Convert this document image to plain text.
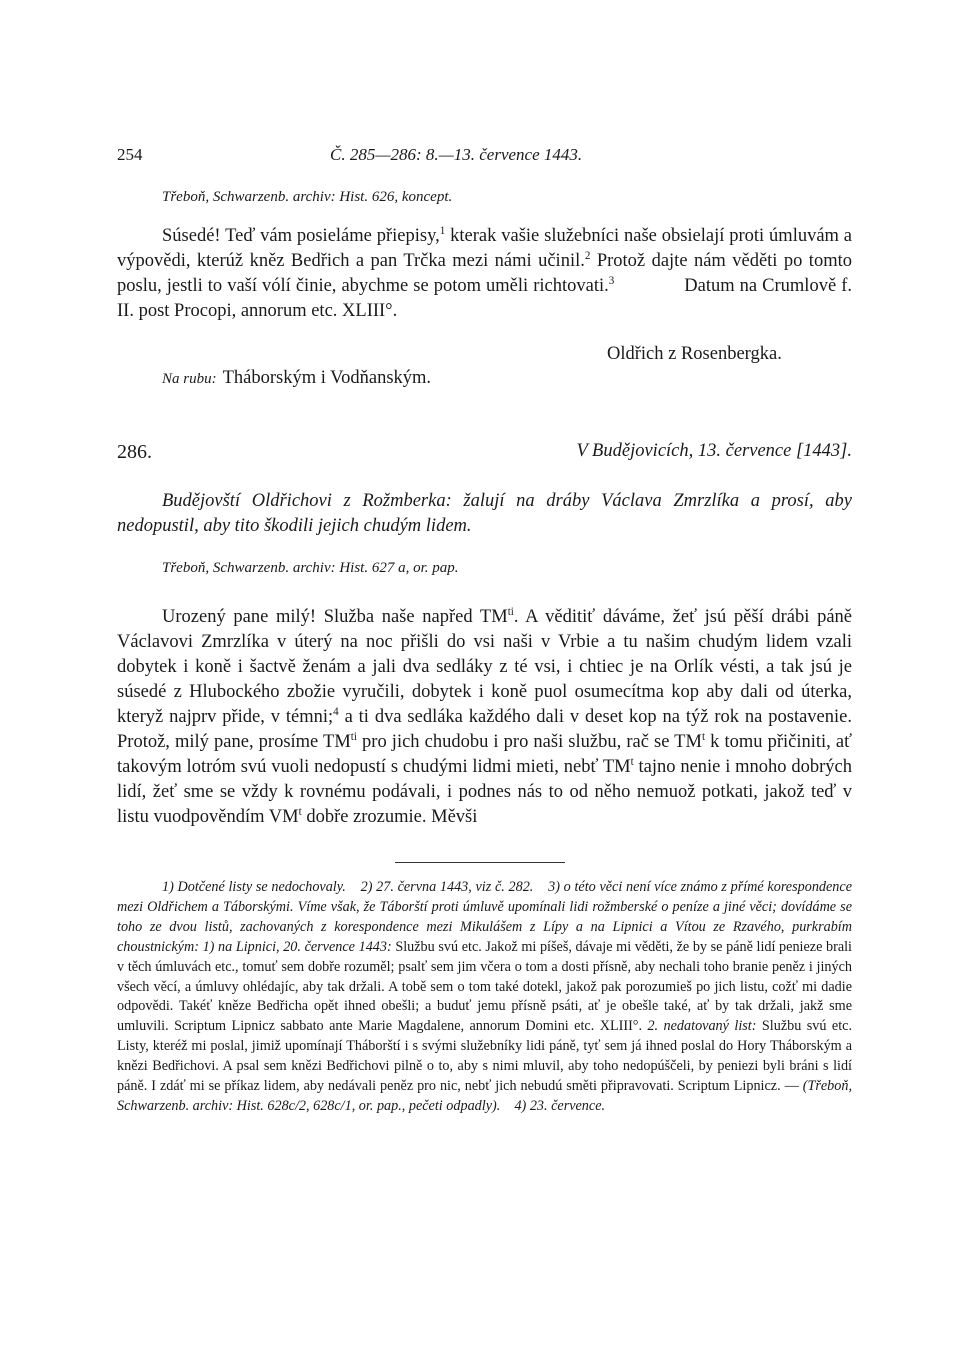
254	Č. 285—286: 8.—13. července 1443.
Třeboň, Schwarzenb. archiv: Hist. 626, koncept.

Súsedé! Teď vám posieláme přiepisy,$^1$ kterak vašie služebníci naše obsielají proti úmluvám a výpovědi, kterúž kněz Bedřich a pan Trčka mezi námi učinil.$^2$ Protož dajte nám věděti po tomto poslu, jestli to vaší vólí činie, abychme se potom uměli richtovati.$^3$	Datum na Crumlově f. II. post Procopi, annorum etc. XLIII°.

Oldřich z Rosenbergka.
Na rubu: Tháborským i Vodňanským.
286.	V Budějovicích, 13. července [1443].

Budějovští Oldřichovi z Rožmberka: žalují na dráby Václava Zmrzlíka a prosí, aby nedopustil, aby tito škodili jejich chudým lidem.

Třeboň, Schwarzenb. archiv: Hist. 627 a, or. pap.

Urozený pane milý! Služba naše napřed $TM^{ti}$. A věditiť dáváme, žeť jsú pěší drábi páně Václavovi Zmrzlíka v úterý na noc přišli do vsi naši v Vrbie a tu našim chudým lidem vzali dobytek i koně i šactvě ženám a jali dva sedláky z té vsi, i chtiec je na Orlík vésti, a tak jsú je súsedé z Hlubockého zbožie vyručili, dobytek i koně puol osumecítma kop aby dali od úterka, kteryž najprv přide, v témni;$^4$ a ti dva sedláka každého dali v deset kop na týž rok na postavenie. Protož, milý pane, prosíme $TM^{ti}$ pro jich chudobu i pro naši službu, rač se $TM^t$ k tomu přičiniti, ať takovým lotróm svú vuoli nedopustí s chudými lidmi mieti, nebť $TM^t$ tajno nenie i mnoho dobrých lidí, žeť sme se vždy k rovnému podávali, i podnes nás to od něho nemuož potkati, jakož teď v listu vuodpověndím $VM^t$ dobře zrozumie. Měvši

1) Dotčené listy se nedochovaly. 2) 27. června 1443, viz č. 282. 3) o této věci není více známo z přímé korespondence mezi Oldřichem a Táborskými. Víme však, že Táborští proti úmluvě upomínali lidi rožmberské o peníze a jiné věci; dovídáme se toho ze dvou listů, zachovaných z korespondence mezi Mikulášem z Lípy a na Lipnici a Vítou ze Rzavého, purkrabím choustnickým: 1) na Lipnici, 20. července 1443: Službu svú etc. Jakož mi píšeš, dávaje mi věděti, že by se páně lidí penieze brali v těch úmluvách etc., tomuť sem dobře rozuměl; psalť sem jim včera o tom a dosti přísně, aby nechali toho branie peněz i jiných všech věcí, a úmluvy ohlédajíc, aby tak držali. A tobě sem o tom také dotekl, jakož pak porozumieš po jich listu, cožť mi dadie odpovědi. Takéť kněze Bedřicha opět ihned obešli; a buduť jemu přísně psáti, ať je obešle také, ať by tak držali, jakž sme umluvili. Scriptum Lipnicz sabbato ante Marie Magdalene, annorum Domini etc. XLIII°. 2. nedatovaný list: Službu svú etc. Listy, kteréž mi poslal, jimiž upomínají Tháborští i s svými služebníky lidi páně, tyť sem já ihned poslal do Hory Tháborským a knězi Bedřichovi. A psal sem knězi Bedřichovi pilně o to, aby s nimi mluvil, aby toho nedopúščeli, by peniezi byli bráni s lidí páně. I zdáť mi se příkaz lidem, aby nedávali peněz pro nic, nebť jich nebudú směti připravovati. Scriptum Lipnicz. — (Třeboň, Schwarzenb. archiv: Hist. 628c/2, 628c/1, or. pap., pečeti odpadly). 4) 23. července.
